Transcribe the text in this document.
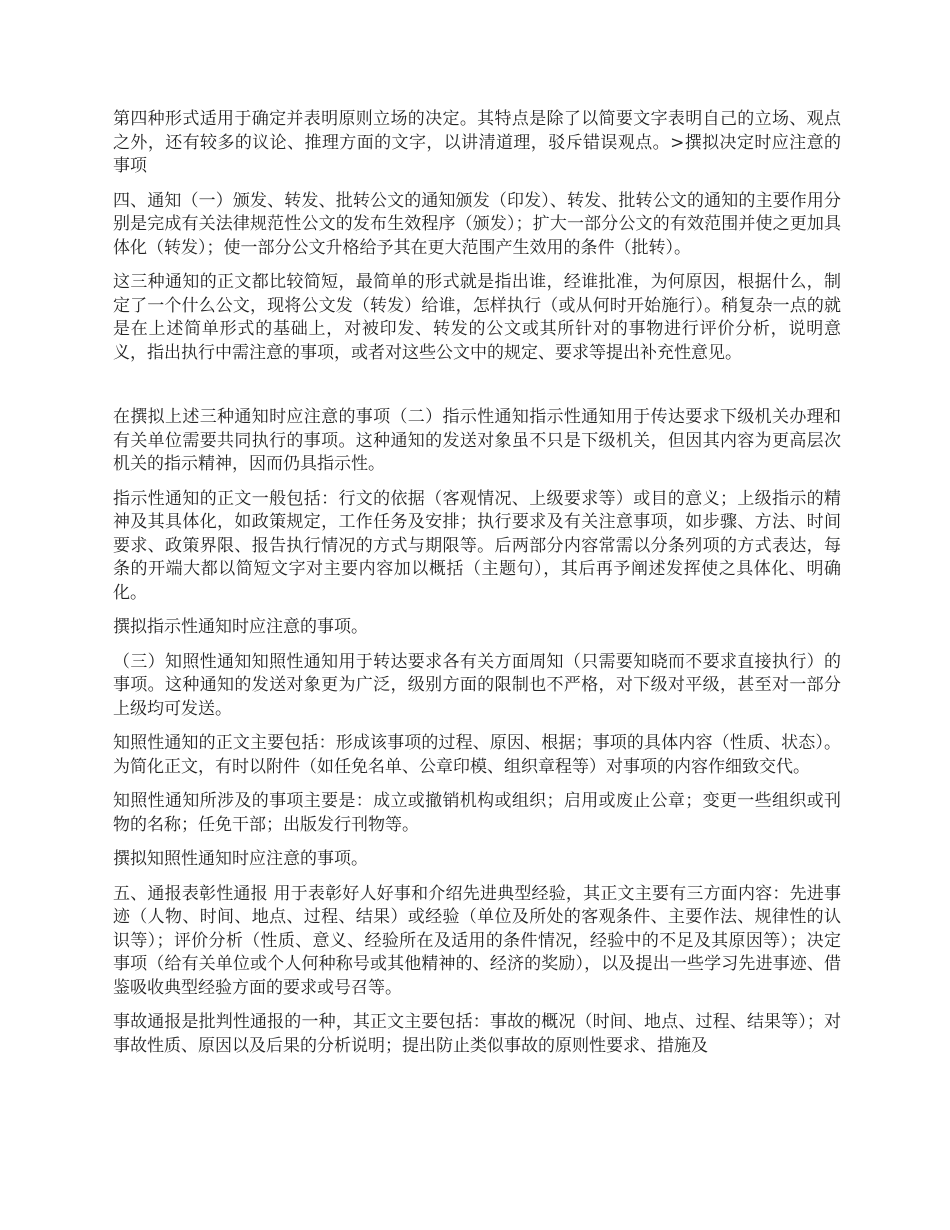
第四种形式适用于确定并表明原则立场的决定。其特点是除了以简要文字表明自己的立场、观点之外，还有较多的议论、推理方面的文字，以讲清道理，驳斥错误观点。>撰拟决定时应注意的事项

四、通知（一）颁发、转发、批转公文的通知颁发（印发）、转发、批转公文的通知的主要作用分别是完成有关法律规范性公文的发布生效程序（颁发）；扩大一部分公文的有效范围并使之更加具体化（转发）；使一部分公文升格给予其在更大范围产生效用的条件（批转）。

这三种通知的正文都比较简短，最简单的形式就是指出谁，经谁批准，为何原因，根据什么，制定了一个什么公文，现将公文发（转发）给谁，怎样执行（或从何时开始施行）。稍复杂一点的就是在上述简单形式的基础上，对被印发、转发的公文或其所针对的事物进行评价分析，说明意义，指出执行中需注意的事项，或者对这些公文中的规定、要求等提出补充性意见。

在撰拟上述三种通知时应注意的事项（二）指示性通知指示性通知用于传达要求下级机关办理和有关单位需要共同执行的事项。这种通知的发送对象虽不只是下级机关，但因其内容为更高层次机关的指示精神，因而仍具指示性。

指示性通知的正文一般包括：行文的依据（客观情况、上级要求等）或目的意义；上级指示的精神及其具体化，如政策规定，工作任务及安排；执行要求及有关注意事项，如步骤、方法、时间要求、政策界限、报告执行情况的方式与期限等。后两部分内容常需以分条列项的方式表达，每条的开端大都以简短文字对主要内容加以概括（主题句），其后再予阐述发挥使之具体化、明确化。

撰拟指示性通知时应注意的事项。

（三）知照性通知知照性通知用于转达要求各有关方面周知（只需要知晓而不要求直接执行）的事项。这种通知的发送对象更为广泛，级别方面的限制也不严格，对下级对平级，甚至对一部分上级均可发送。

知照性通知的正文主要包括：形成该事项的过程、原因、根据；事项的具体内容（性质、状态）。为简化正文，有时以附件（如任免名单、公章印模、组织章程等）对事项的内容作细致交代。

知照性通知所涉及的事项主要是：成立或撤销机构或组织；启用或废止公章；变更一些组织或刊物的名称；任免干部；出版发行刊物等。

撰拟知照性通知时应注意的事项。

五、通报表彰性通报 用于表彰好人好事和介绍先进典型经验，其正文主要有三方面内容：先进事迹（人物、时间、地点、过程、结果）或经验（单位及所处的客观条件、主要作法、规律性的认识等）；评价分析（性质、意义、经验所在及适用的条件情况，经验中的不足及其原因等）；决定事项（给有关单位或个人何种称号或其他精神的、经济的奖励），以及提出一些学习先进事迹、借鉴吸收典型经验方面的要求或号召等。

事故通报是批判性通报的一种，其正文主要包括：事故的概况（时间、地点、过程、结果等）；对事故性质、原因以及后果的分析说明；提出防止类似事故的原则性要求、措施及
